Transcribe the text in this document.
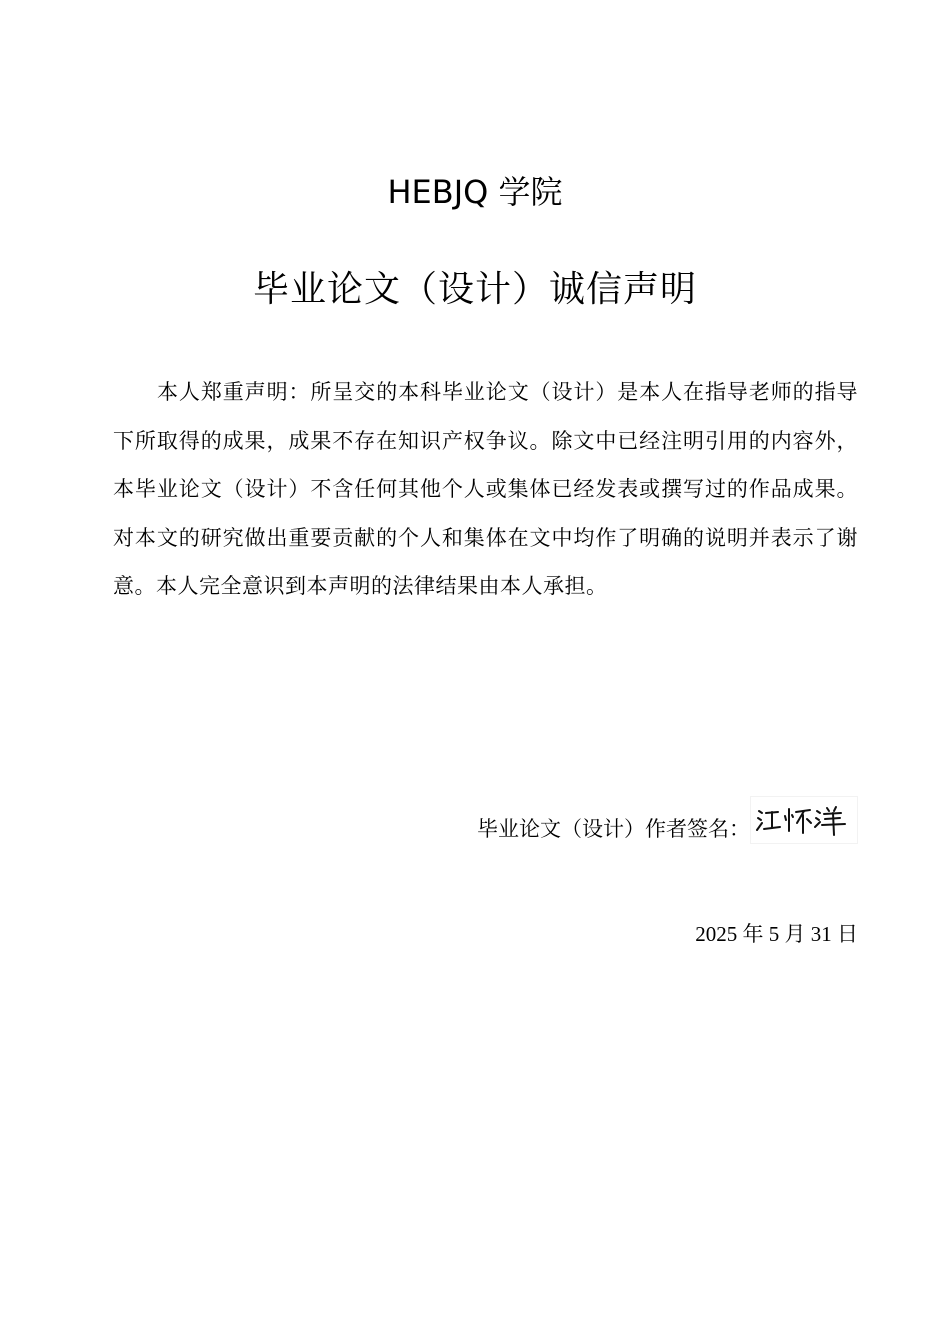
HEBJQ 学院
毕业论文（设计）诚信声明

本人郑重声明：所呈交的本科毕业论文（设计）是本人在指导老师的指导下所取得的成果，成果不存在知识产权争议。除文中已经注明引用的内容外，本毕业论文（设计）不含任何其他个人或集体已经发表或撰写过的作品成果。对本文的研究做出重要贡献的个人和集体在文中均作了明确的说明并表示了谢意。本人完全意识到本声明的法律结果由本人承担。

毕业论文（设计）作者签名：
2025 年 5 月 31 日
